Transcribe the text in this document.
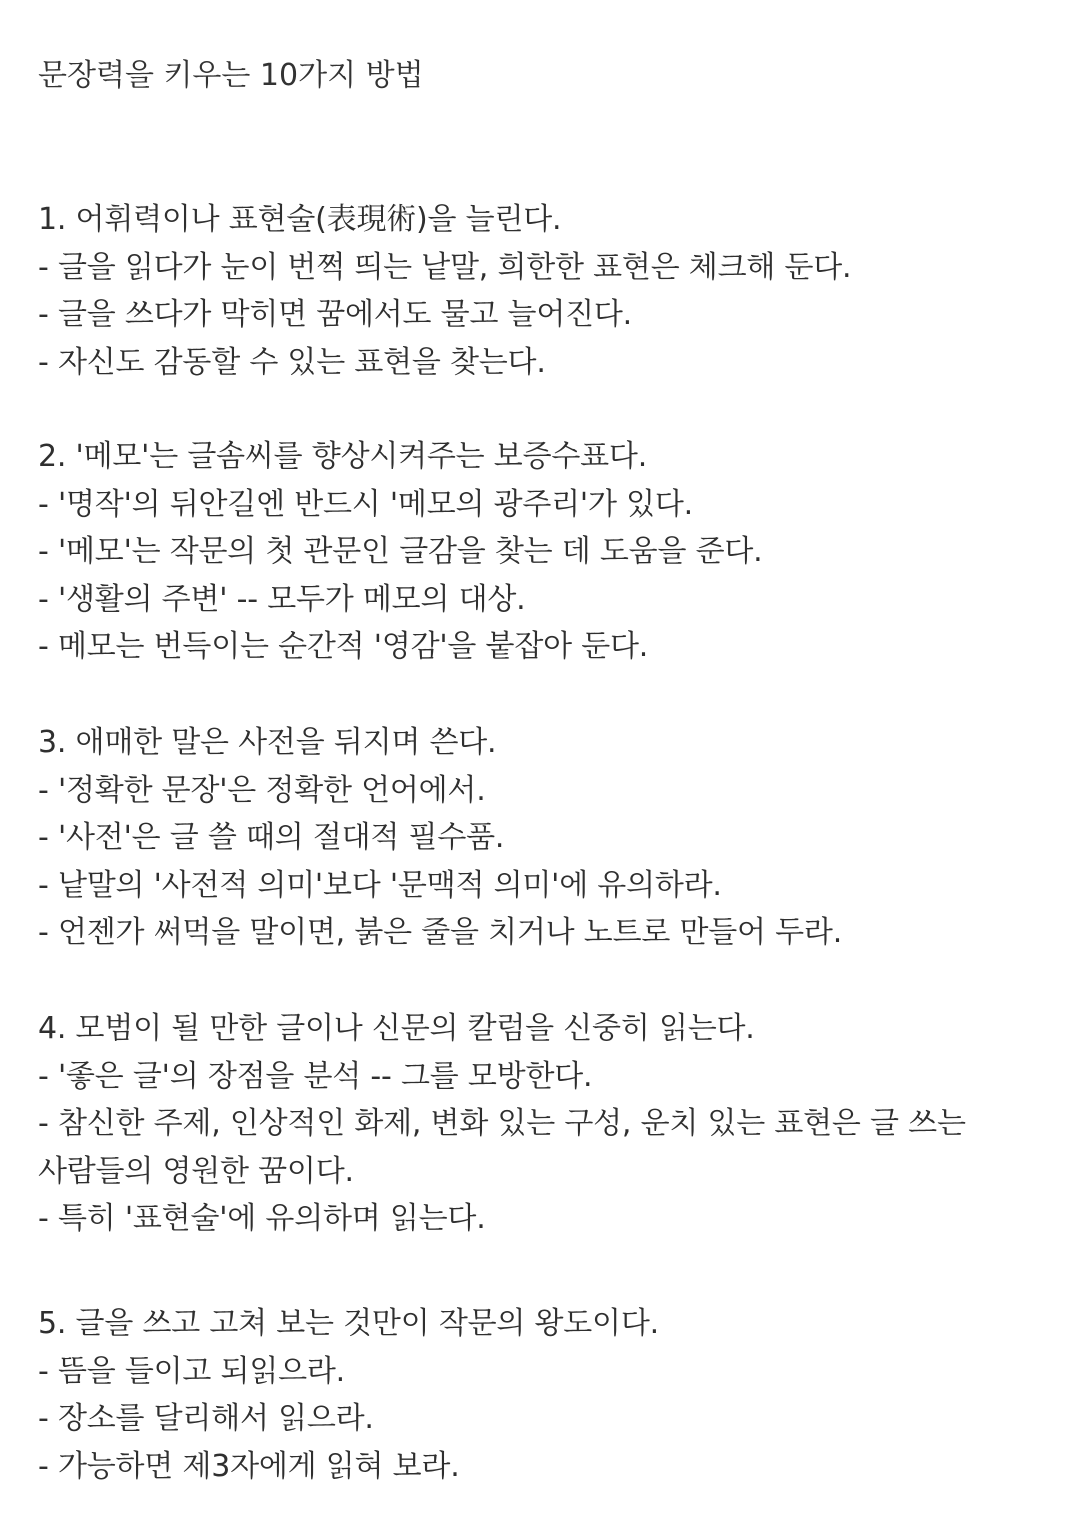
문장력을 키우는 10가지 방법
1. 어휘력이나 표현술(表現術)을 늘린다.
- 글을 읽다가 눈이 번쩍 띄는 낱말, 희한한 표현은 체크해 둔다.
- 글을 쓰다가 막히면 꿈에서도 물고 늘어진다.
- 자신도 감동할 수 있는 표현을 찾는다.
2. '메모'는 글솜씨를 향상시켜주는 보증수표다.
- '명작'의 뒤안길엔 반드시 '메모의 광주리'가 있다.
- '메모'는 작문의 첫 관문인 글감을 찾는 데 도움을 준다.
- '생활의 주변' -- 모두가 메모의 대상.
- 메모는 번득이는 순간적 '영감'을 붙잡아 둔다.
3. 애매한 말은 사전을 뒤지며 쓴다.
- '정확한 문장'은 정확한 언어에서.
- '사전'은 글 쓸 때의 절대적 필수품.
- 낱말의 '사전적 의미'보다 '문맥적 의미'에 유의하라.
- 언젠가 써먹을 말이면, 붉은 줄을 치거나 노트로 만들어 두라.
4. 모범이 될 만한 글이나 신문의 칼럼을 신중히 읽는다.
- '좋은 글'의 장점을 분석 -- 그를 모방한다.
- 참신한 주제, 인상적인 화제, 변화 있는 구성, 운치 있는 표현은 글 쓰는
사람들의 영원한 꿈이다.
- 특히 '표현술'에 유의하며 읽는다.
5. 글을 쓰고 고쳐 보는 것만이 작문의 왕도이다.
- 뜸을 들이고 되읽으라.
- 장소를 달리해서 읽으라.
- 가능하면 제3자에게 읽혀 보라.
